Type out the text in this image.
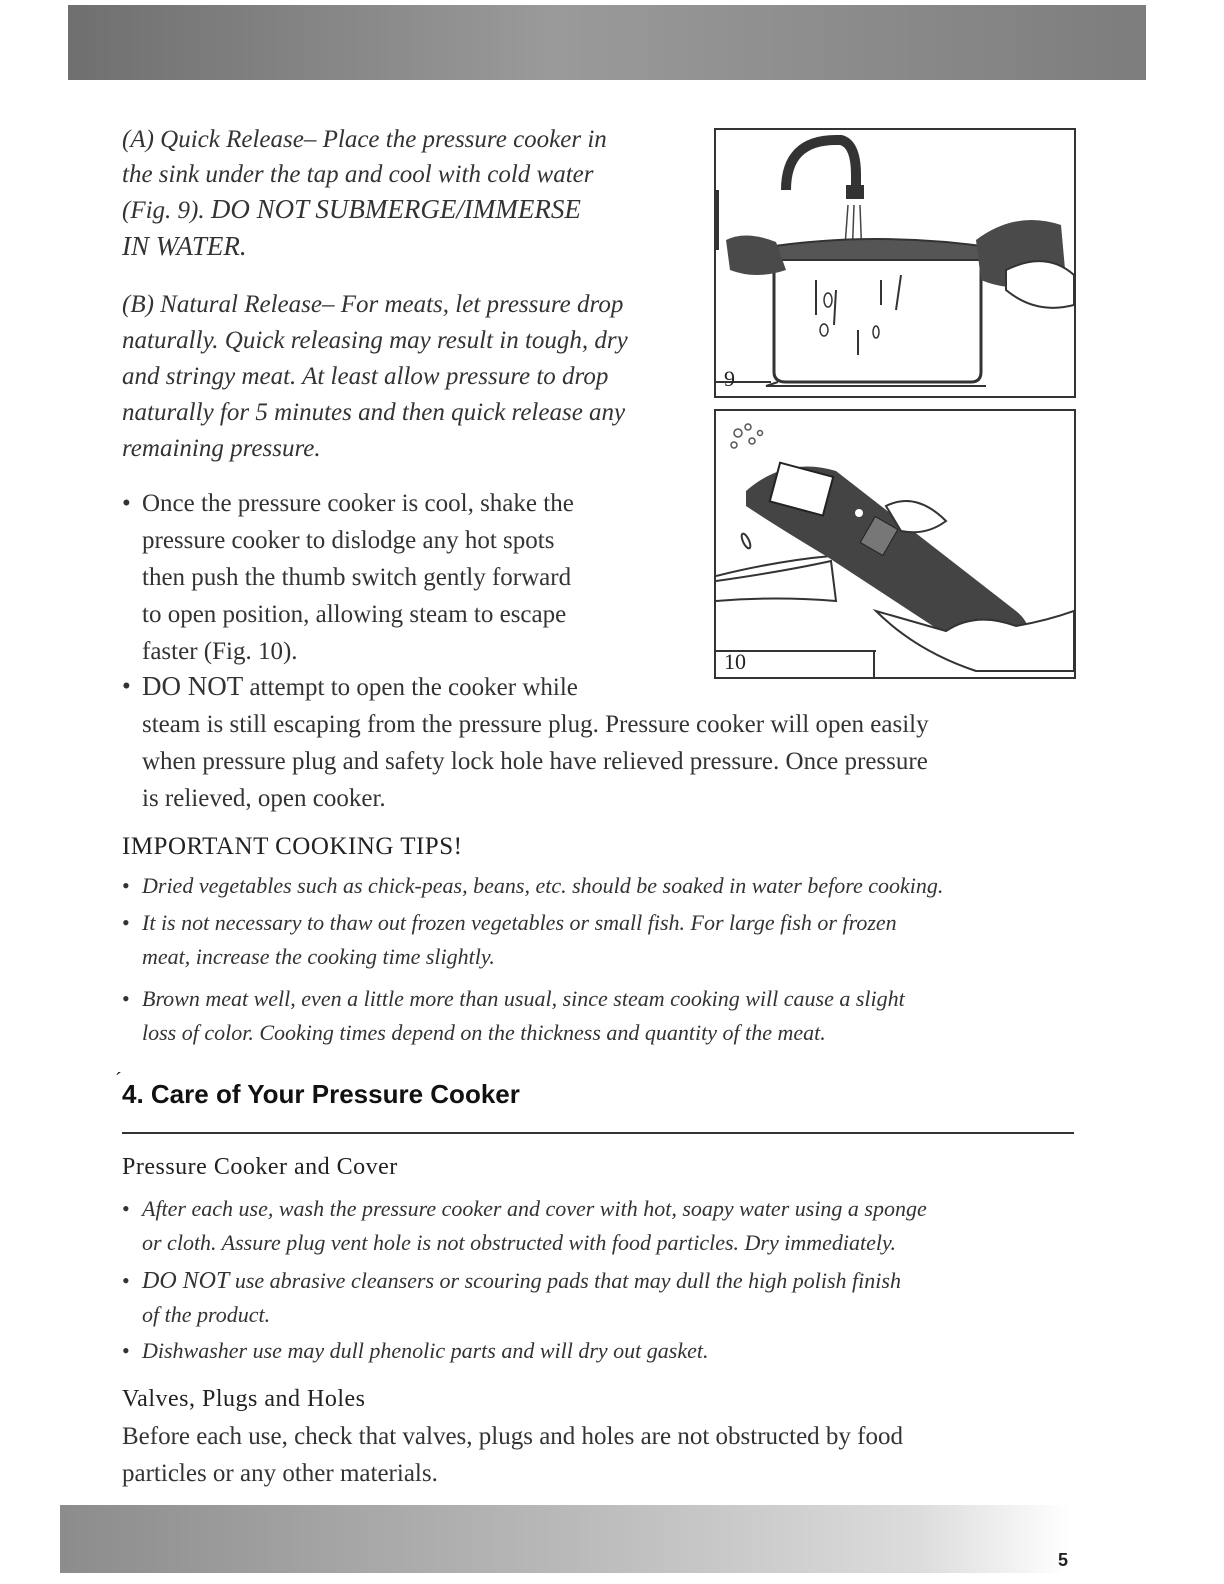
(A) Quick Release– Place the pressure cooker in
the sink under the tap and cool with cold water
(Fig. 9). DO NOT SUBMERGE/IMMERSE
IN WATER.
(B) Natural Release– For meats, let pressure drop
naturally. Quick releasing may result in tough, dry
and stringy meat. At least allow pressure to drop
naturally for 5 minutes and then quick release any
remaining pressure.
• Once the pressure cooker is cool, shake the
pressure cooker to dislodge any hot spots
then push the thumb switch gently forward
to open position, allowing steam to escape
faster (Fig. 10).
• DO NOT attempt to open the cooker while
steam is still escaping from the pressure plug. Pressure cooker will open easily
when pressure plug and safety lock hole have relieved pressure. Once pressure
is relieved, open cooker.
IMPORTANT COOKING TIPS!
• Dried vegetables such as chick-peas, beans, etc. should be soaked in water before cooking.
• It is not necessary to thaw out frozen vegetables or small fish. For large fish or frozen
meat, increase the cooking time slightly.
• Brown meat well, even a little more than usual, since steam cooking will cause a slight
loss of color. Cooking times depend on the thickness and quantity of the meat.
´ 4. Care of Your Pressure Cooker
Pressure Cooker and Cover
• After each use, wash the pressure cooker and cover with hot, soapy water using a sponge
or cloth. Assure plug vent hole is not obstructed with food particles. Dry immediately.
• DO NOT use abrasive cleansers or scouring pads that may dull the high polish finish
of the product.
• Dishwasher use may dull phenolic parts and will dry out gasket.
Valves, Plugs and Holes
Before each use, check that valves, plugs and holes are not obstructed by food
particles or any other materials.
9
10
5
